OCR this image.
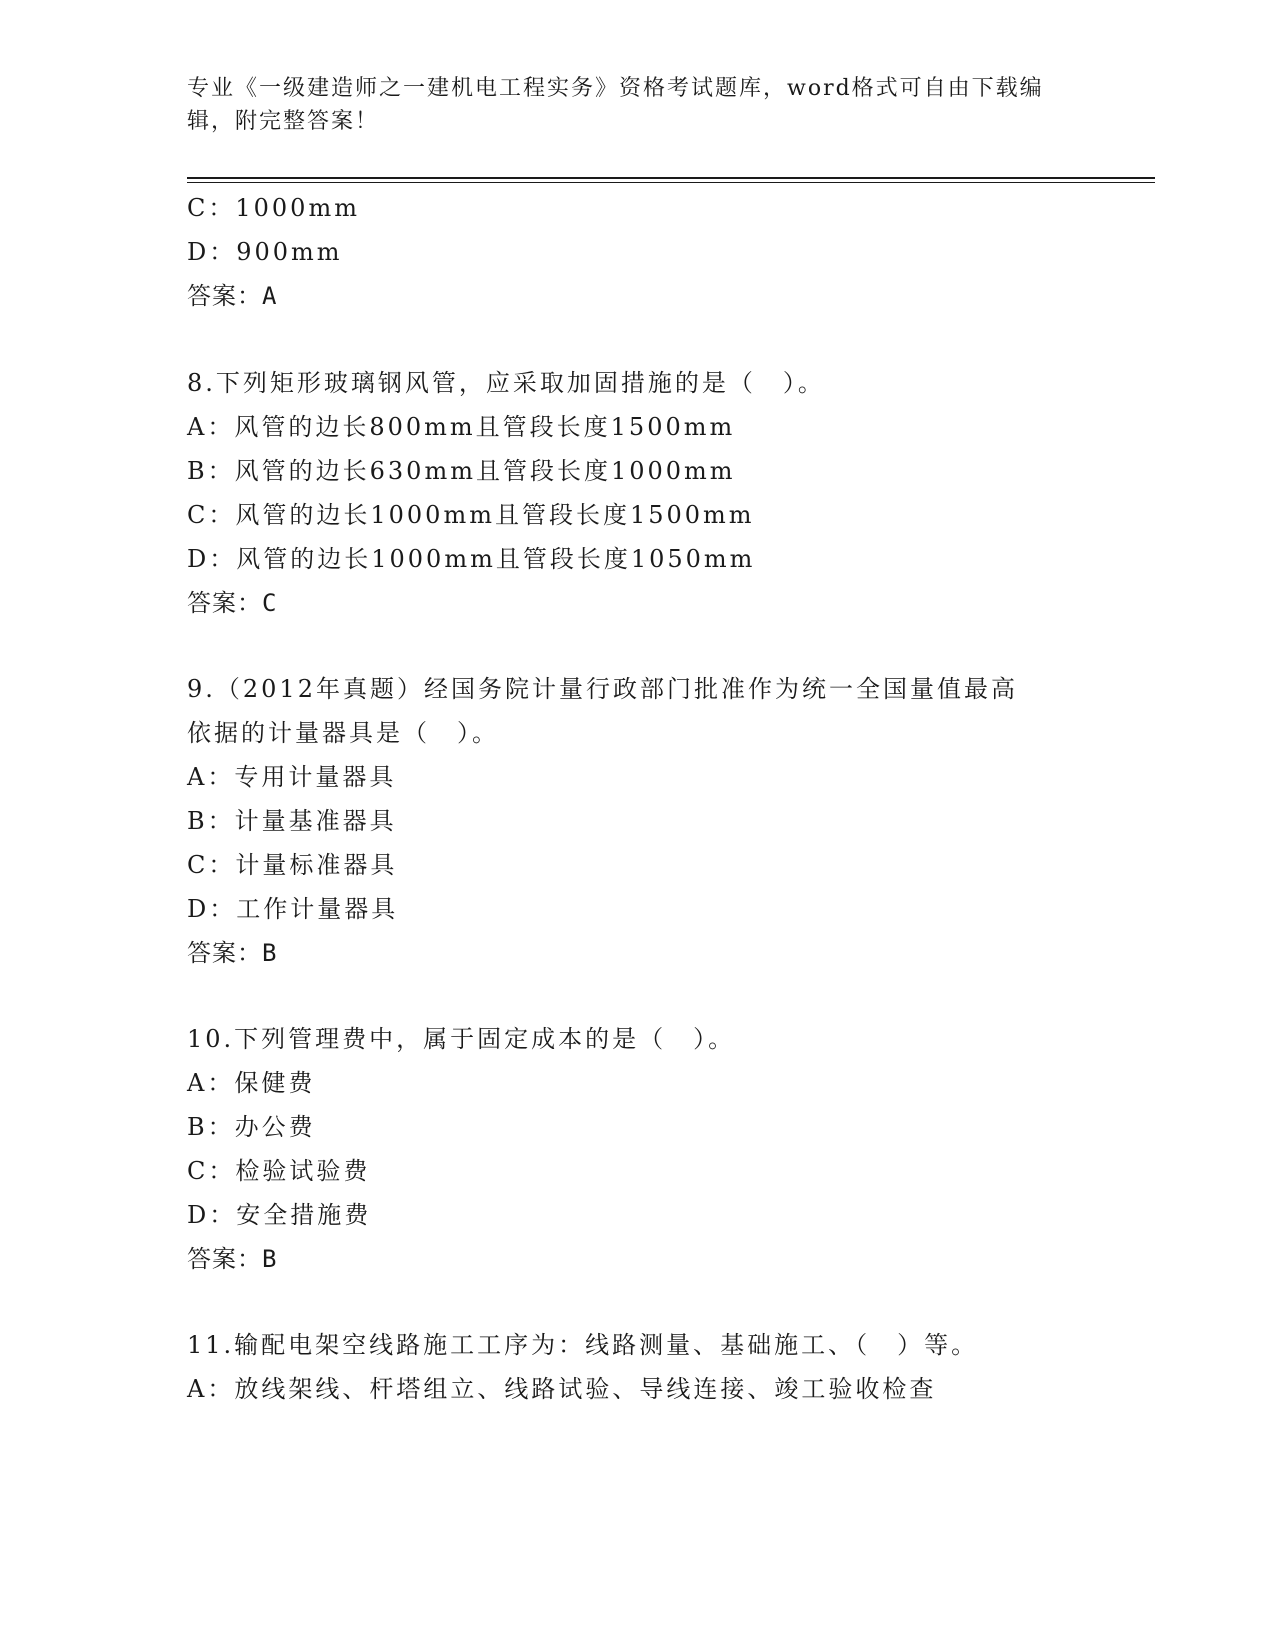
专业《一级建造师之一建机电工程实务》资格考试题库，word格式可自由下载编
辑，附完整答案！
C：1000mm
D：900mm
答案：A
8.下列矩形玻璃钢风管，应采取加固措施的是（　）。
A：风管的边长800mm且管段长度1500mm
B：风管的边长630mm且管段长度1000mm
C：风管的边长1000mm且管段长度1500mm
D：风管的边长1000mm且管段长度1050mm
答案：C
9.（2012年真题）经国务院计量行政部门批准作为统一全国量值最高
依据的计量器具是（　）。
A：专用计量器具
B：计量基准器具
C：计量标准器具
D：工作计量器具
答案：B
10.下列管理费中，属于固定成本的是（　）。
A：保健费
B：办公费
C：检验试验费
D：安全措施费
答案：B
11.输配电架空线路施工工序为：线路测量、基础施工、（　）等。
A：放线架线、杆塔组立、线路试验、导线连接、竣工验收检查
